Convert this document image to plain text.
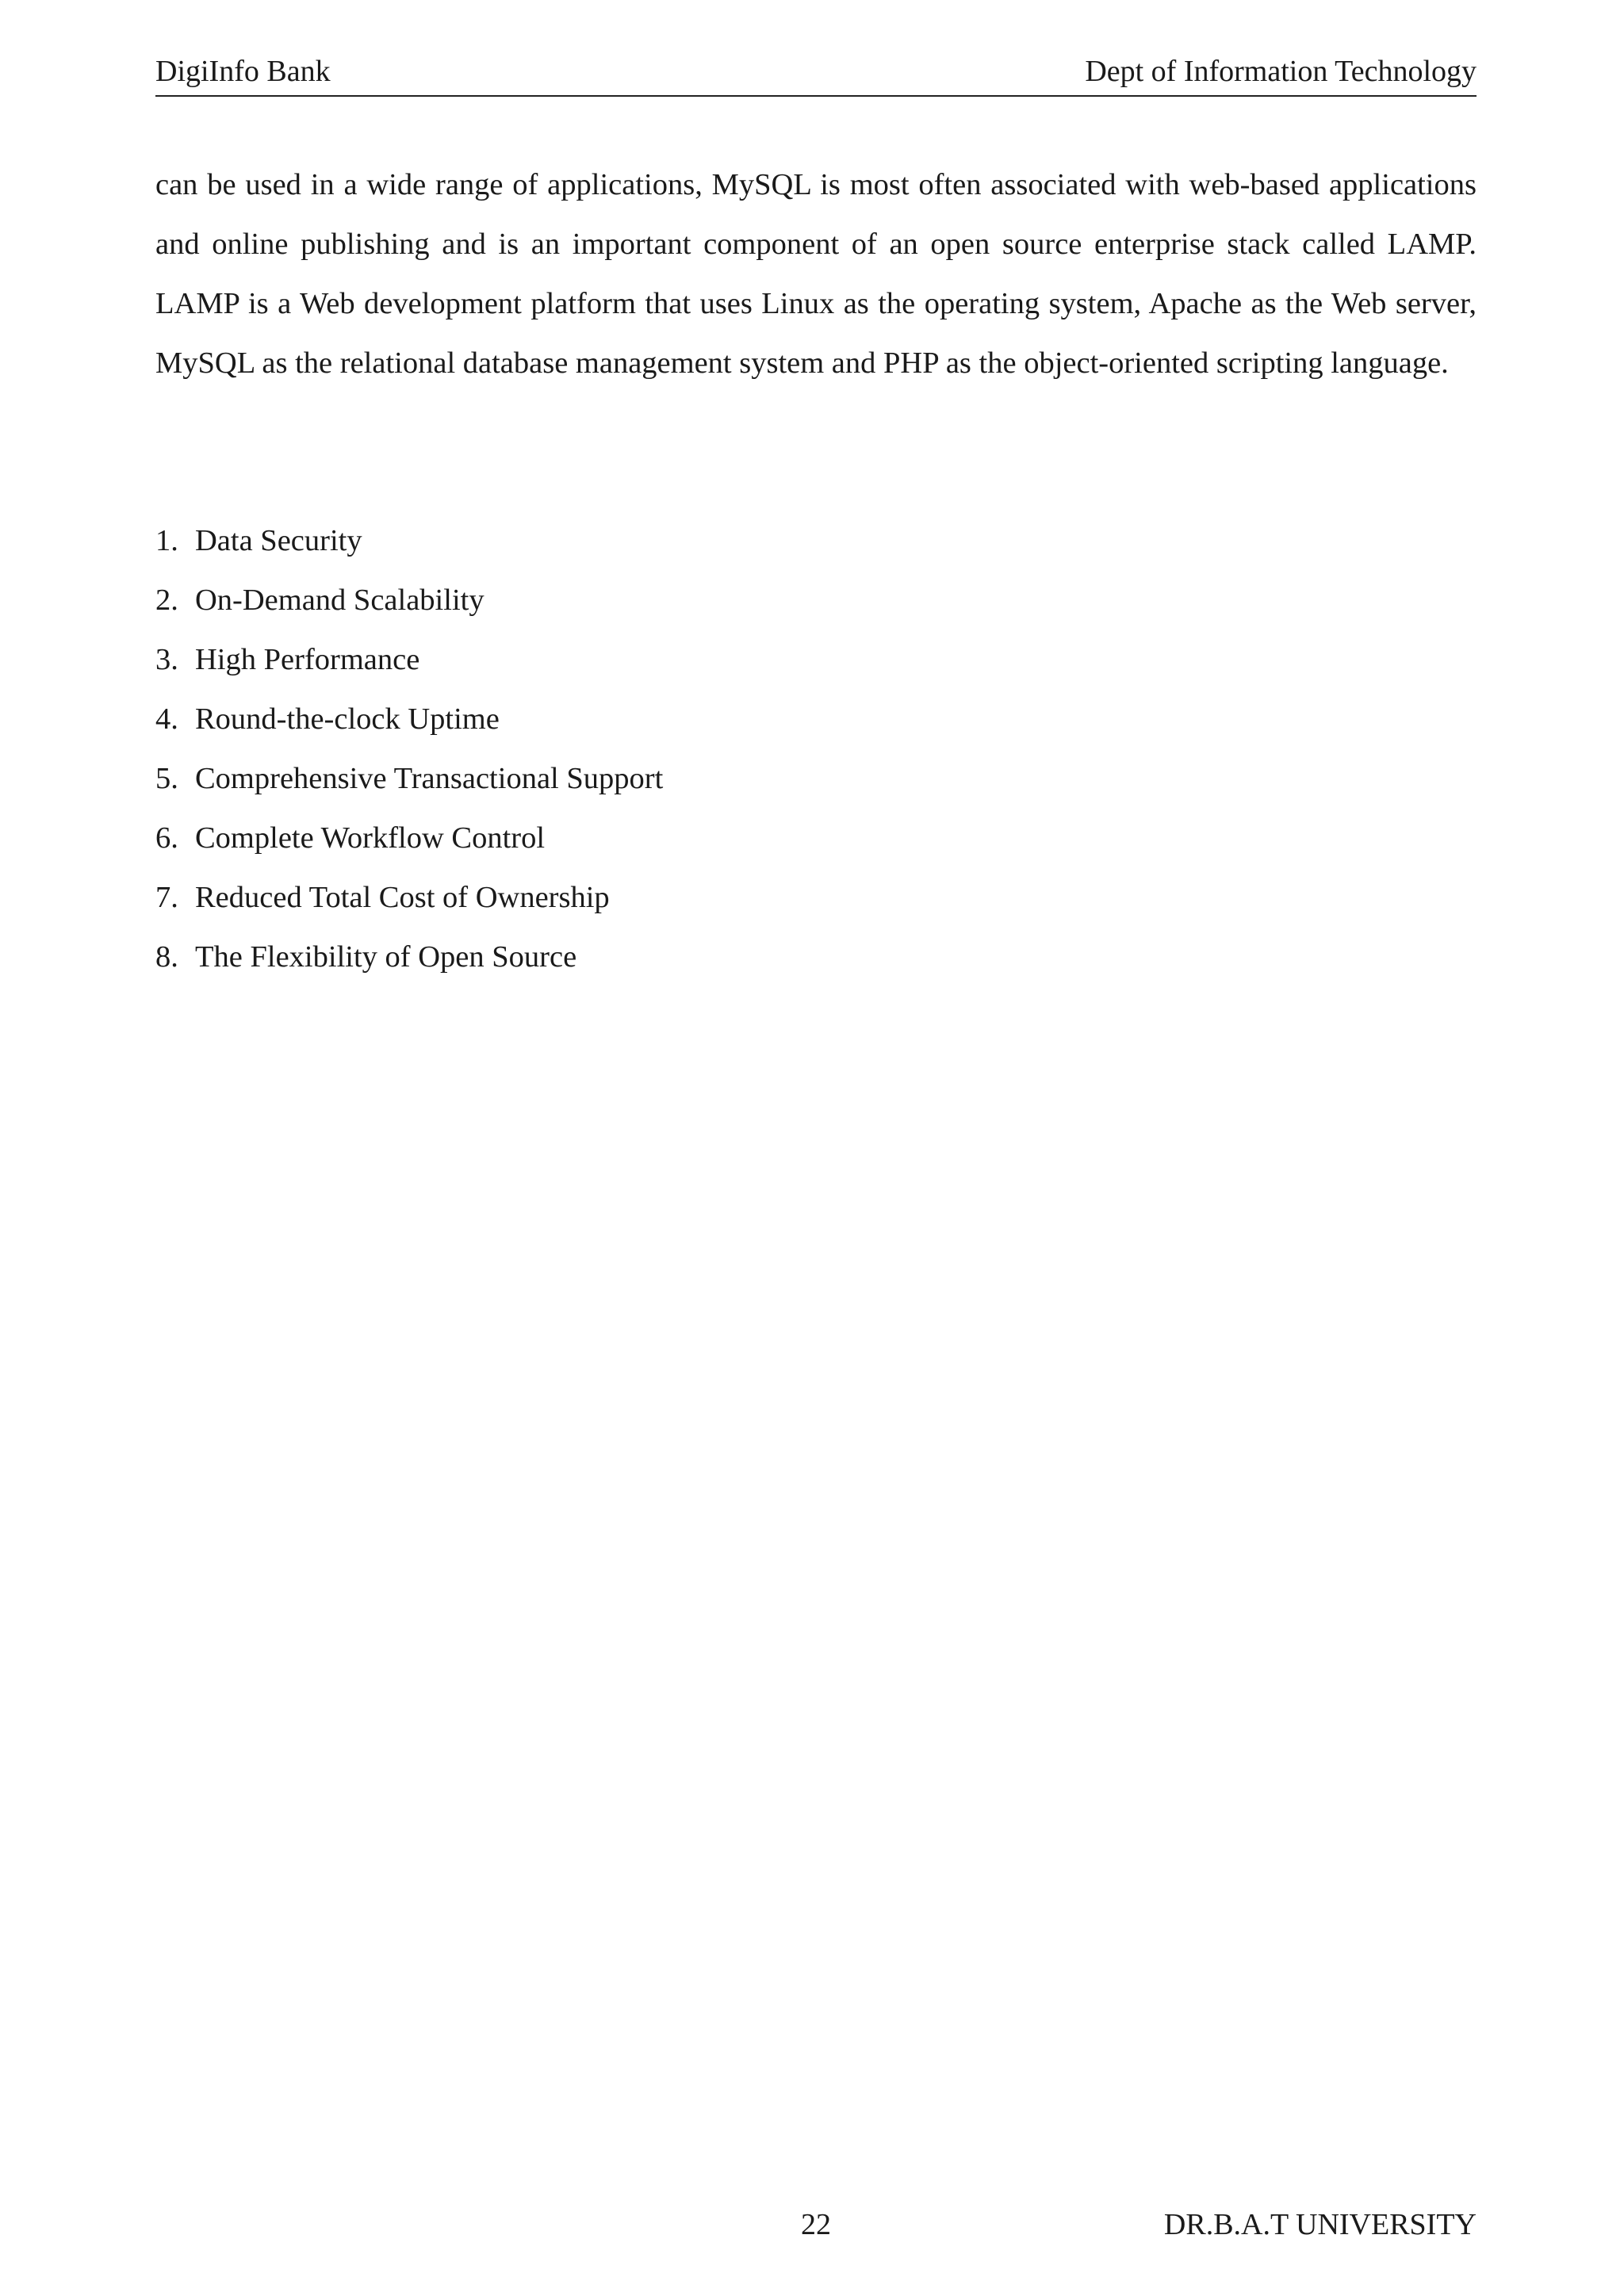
DigiInfo Bank	Dept of Information Technology

can be used in a wide range of applications, MySQL is most often associated with web-based applications and online publishing and is an important component of an open source enterprise stack called LAMP. LAMP is a Web development platform that uses Linux as the operating system, Apache as the Web server, MySQL as the relational database management system and PHP as the object-oriented scripting language.

1. Data Security
2. On-Demand Scalability
3. High Performance
4. Round-the-clock Uptime
5. Comprehensive Transactional Support
6. Complete Workflow Control
7. Reduced Total Cost of Ownership
8. The Flexibility of Open Source
22	DR.B.A.T UNIVERSITY
